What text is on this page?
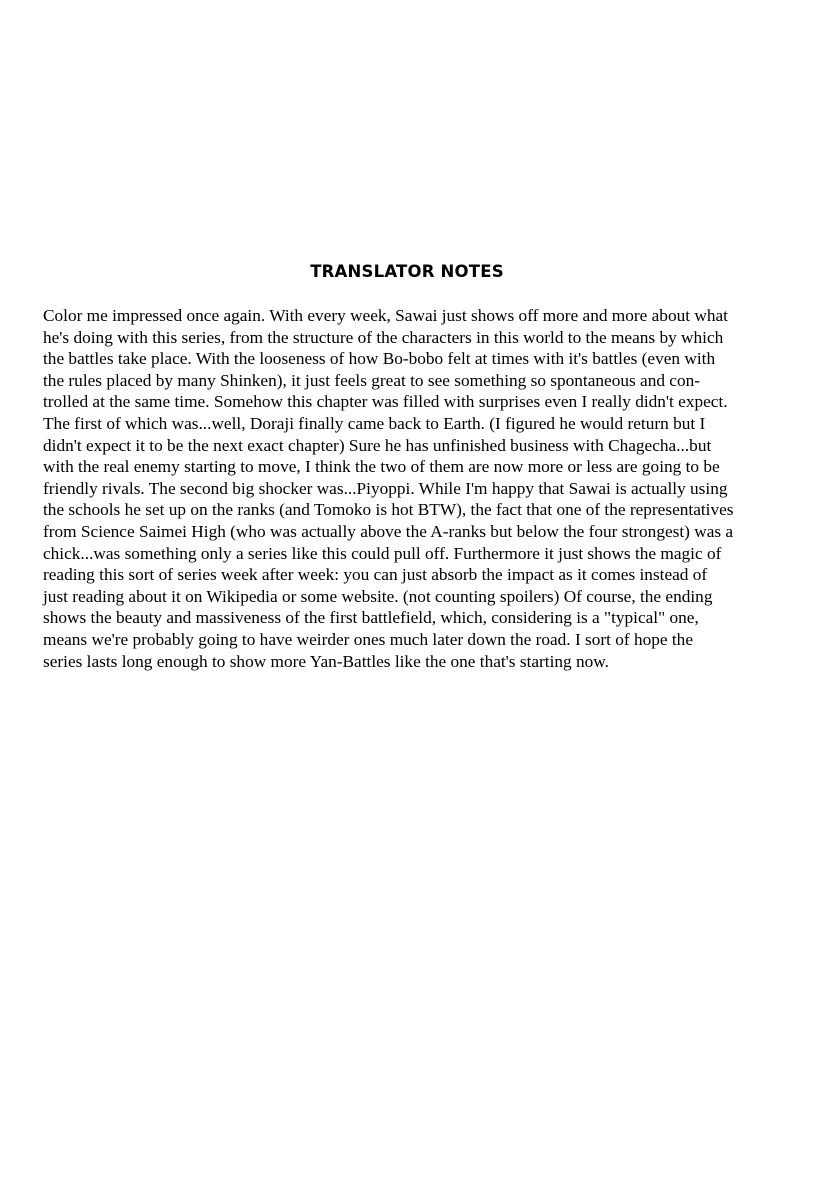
TRANSLATOR NOTES
Color me impressed once again. With every week, Sawai just shows off more and more about what
he's doing with this series, from the structure of the characters in this world to the means by which
the battles take place. With the looseness of how Bo-bobo felt at times with it's battles (even with
the rules placed by many Shinken), it just feels great to see something so spontaneous and con-
trolled at the same time. Somehow this chapter was filled with surprises even I really didn't expect.
The first of which was...well, Doraji finally came back to Earth. (I figured he would return but I
didn't expect it to be the next exact chapter) Sure he has unfinished business with Chagecha...but
with the real enemy starting to move, I think the two of them are now more or less are going to be
friendly rivals. The second big shocker was...Piyoppi. While I'm happy that Sawai is actually using
the schools he set up on the ranks (and Tomoko is hot BTW), the fact that one of the representatives
from Science Saimei High (who was actually above the A-ranks but below the four strongest) was a
chick...was something only a series like this could pull off. Furthermore it just shows the magic of
reading this sort of series week after week: you can just absorb the impact as it comes instead of
just reading about it on Wikipedia or some website. (not counting spoilers) Of course, the ending
shows the beauty and massiveness of the first battlefield, which, considering is a "typical" one,
means we're probably going to have weirder ones much later down the road. I sort of hope the
series lasts long enough to show more Yan-Battles like the one that's starting now.
